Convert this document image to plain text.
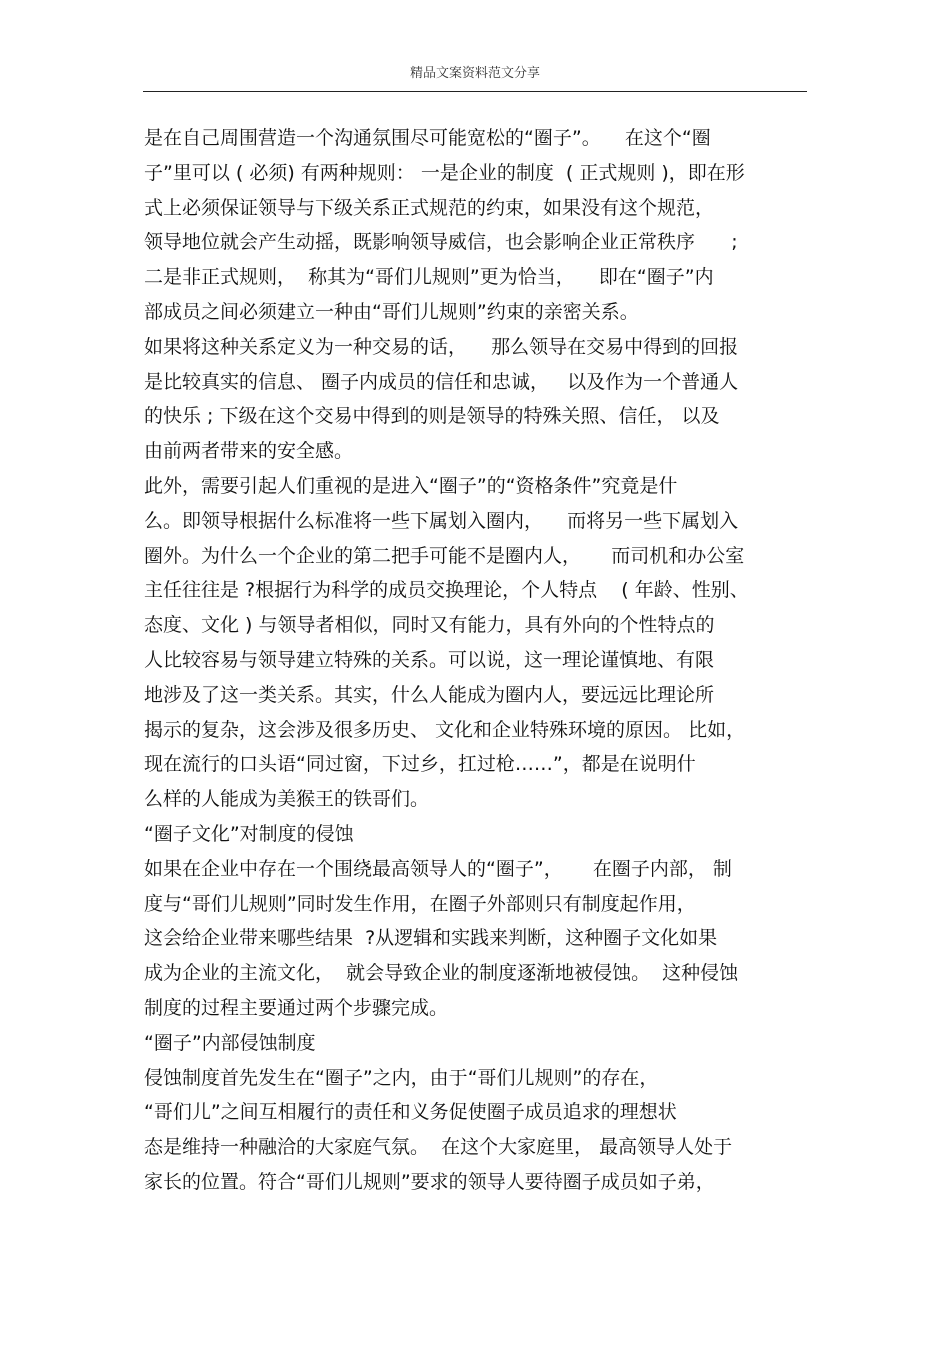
精品文案资料范文分享
是在自己周围营造一个沟通氛围尽可能宽松的“圈子”。    在这个“圈
子”里可以 ( 必须) 有两种规则： 一是企业的制度  ( 正式规则 )，即在形
式上必须保证领导与下级关系正式规范的约束，如果没有这个规范，
领导地位就会产生动摇，既影响领导威信，也会影响企业正常秩序      ;
二是非正式规则，  称其为“哥们儿规则”更为恰当，    即在“圈子”内
部成员之间必须建立一种由“哥们儿规则”约束的亲密关系。
如果将这种关系定义为一种交易的话，    那么领导在交易中得到的回报
是比较真实的信息、 圈子内成员的信任和忠诚，   以及作为一个普通人
的快乐 ; 下级在这个交易中得到的则是领导的特殊关照、信任， 以及
由前两者带来的安全感。
此外，需要引起人们重视的是进入“圈子”的“资格条件”究竟是什
么。即领导根据什么标准将一些下属划入圈内，    而将另一些下属划入
圈外。为什么一个企业的第二把手可能不是圈内人，     而司机和办公室
主任往往是 ?根据行为科学的成员交换理论，个人特点    ( 年龄、性别、
态度、文化 ) 与领导者相似，同时又有能力，具有外向的个性特点的
人比较容易与领导建立特殊的关系。可以说，这一理论谨慎地、有限
地涉及了这一类关系。其实，什么人能成为圈内人，要远远比理论所
揭示的复杂，这会涉及很多历史、 文化和企业特殊环境的原因。 比如，
现在流行的口头语“同过窗，下过乡，扛过枪……”，都是在说明什
么样的人能成为美猴王的铁哥们。
“圈子文化”对制度的侵蚀
如果在企业中存在一个围绕最高领导人的“圈子”，     在圈子内部， 制
度与“哥们儿规则”同时发生作用，在圈子外部则只有制度起作用，
这会给企业带来哪些结果  ?从逻辑和实践来判断，这种圈子文化如果
成为企业的主流文化，  就会导致企业的制度逐渐地被侵蚀。  这种侵蚀
制度的过程主要通过两个步骤完成。
“圈子”内部侵蚀制度
侵蚀制度首先发生在“圈子”之内，由于“哥们儿规则”的存在，
“哥们儿”之间互相履行的责任和义务促使圈子成员追求的理想状
态是维持一种融洽的大家庭气氛。  在这个大家庭里， 最高领导人处于
家长的位置。符合“哥们儿规则”要求的领导人要待圈子成员如子弟，
